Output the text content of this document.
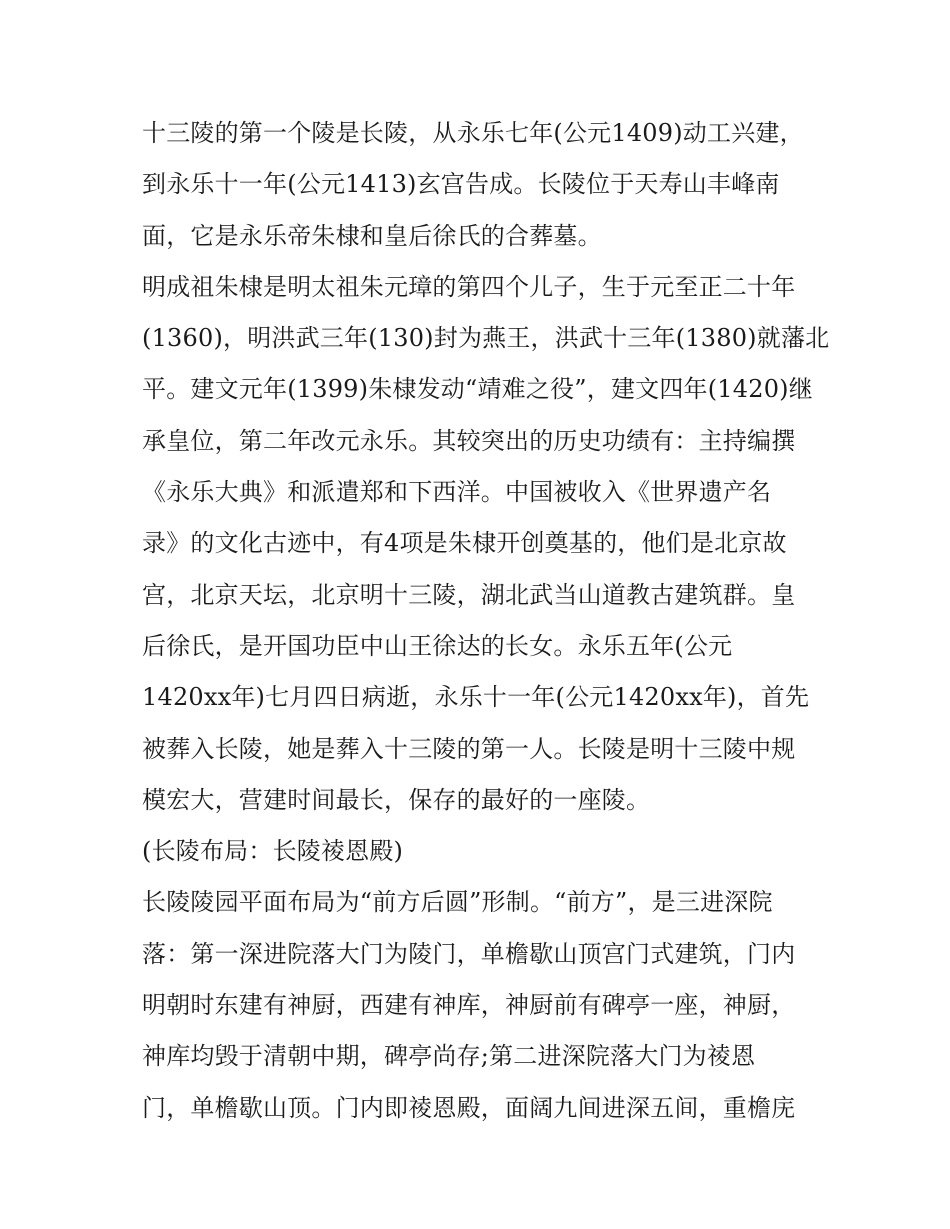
十三陵的第一个陵是长陵，从永乐七年(公元1409)动工兴建，
到永乐十一年(公元1413)玄宫告成。长陵位于天寿山丰峰南
面，它是永乐帝朱棣和皇后徐氏的合葬墓。
明成祖朱棣是明太祖朱元璋的第四个儿子，生于元至正二十年
(1360)，明洪武三年(130)封为燕王，洪武十三年(1380)就藩北
平。建文元年(1399)朱棣发动“靖难之役”，建文四年(1420)继
承皇位，第二年改元永乐。其较突出的历史功绩有：主持编撰
《永乐大典》和派遣郑和下西洋。中国被收入《世界遗产名
录》的文化古迹中，有4项是朱棣开创奠基的，他们是北京故
宫，北京天坛，北京明十三陵，湖北武当山道教古建筑群。皇
后徐氏，是开国功臣中山王徐达的长女。永乐五年(公元
1420xx年)七月四日病逝，永乐十一年(公元1420xx年)，首先
被葬入长陵，她是葬入十三陵的第一人。长陵是明十三陵中规
模宏大，营建时间最长，保存的最好的一座陵。
(长陵布局：长陵祾恩殿)
长陵陵园平面布局为“前方后圆”形制。“前方”，是三进深院
落：第一深进院落大门为陵门，单檐歇山顶宫门式建筑，门内
明朝时东建有神厨，西建有神库，神厨前有碑亭一座，神厨，
神库均毁于清朝中期，碑亭尚存;第二进深院落大门为祾恩
门，单檐歇山顶。门内即祾恩殿，面阔九间进深五间，重檐庑
